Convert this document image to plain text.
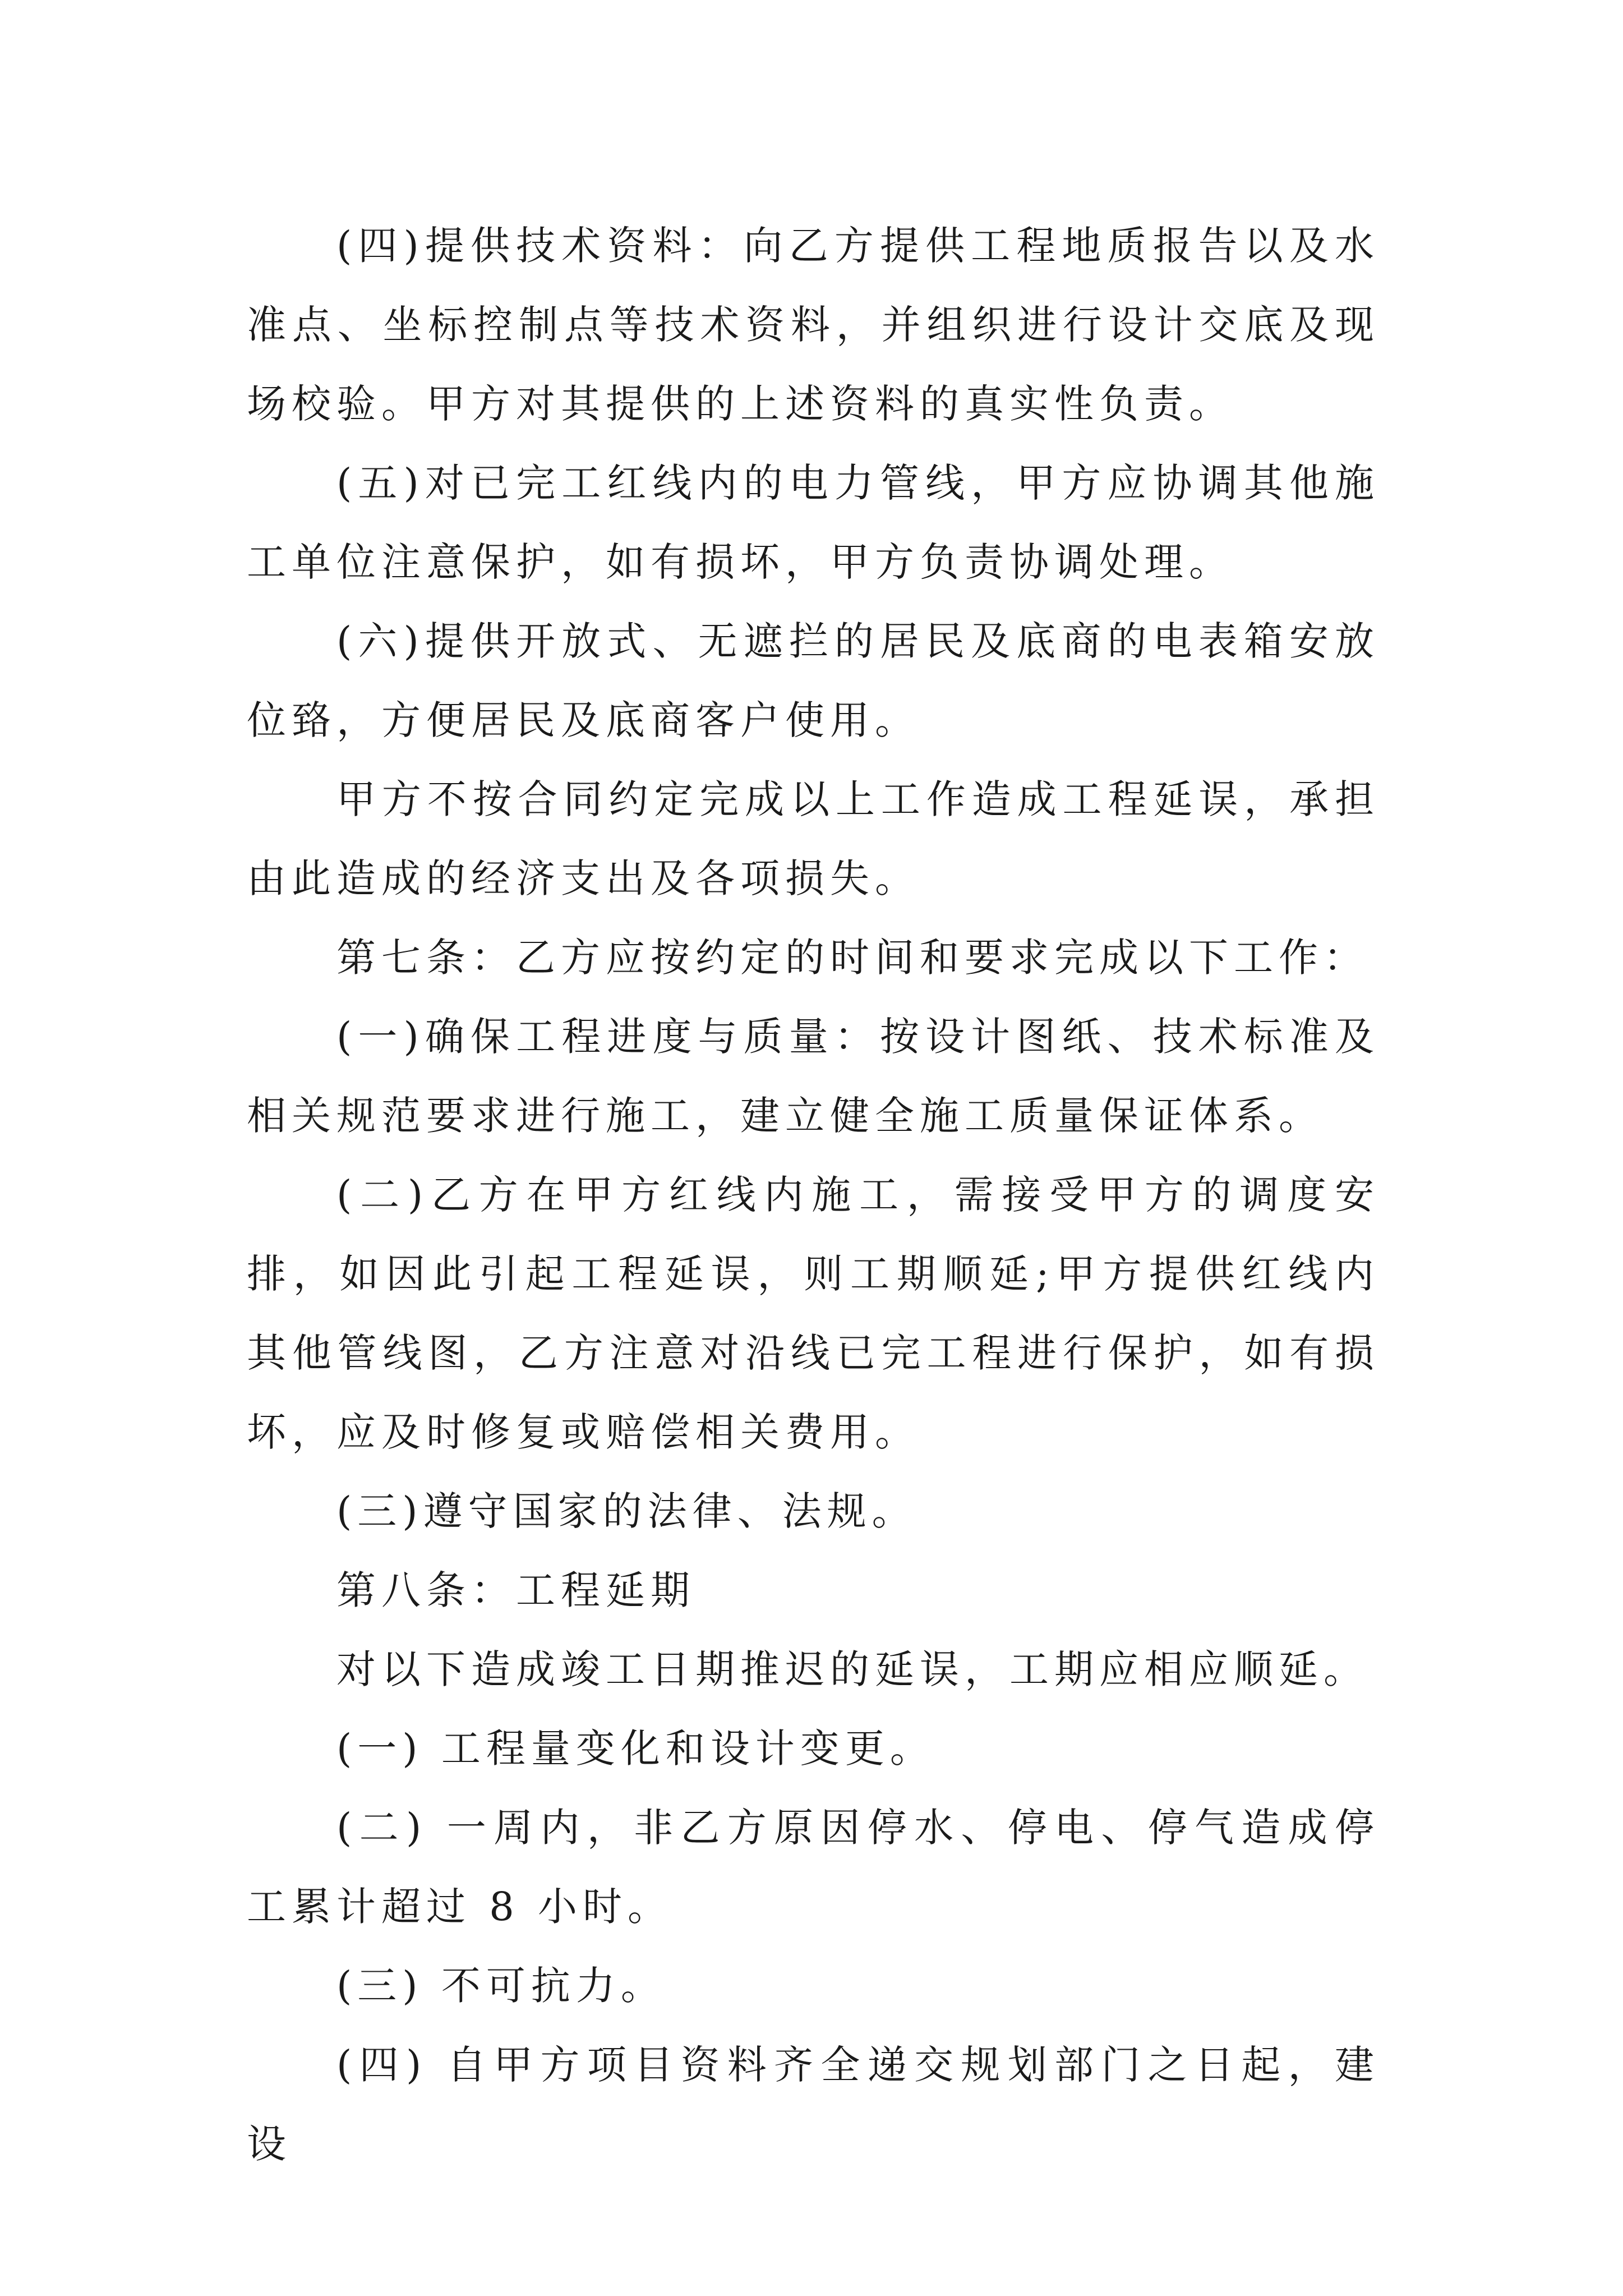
(四)提供技术资料：向乙方提供工程地质报告以及水准点、坐标控制点等技术资料，并组织进行设计交底及现场校验。甲方对其提供的上述资料的真实性负责。

(五)对已完工红线内的电力管线，甲方应协调其他施工单位注意保护，如有损坏，甲方负责协调处理。

(六)提供开放式、无遮拦的居民及底商的电表箱安放位臵，方便居民及底商客户使用。

甲方不按合同约定完成以上工作造成工程延误，承担由此造成的经济支出及各项损失。

第七条：乙方应按约定的时间和要求完成以下工作：

(一)确保工程进度与质量：按设计图纸、技术标准及相关规范要求进行施工，建立健全施工质量保证体系。

(二)乙方在甲方红线内施工，需接受甲方的调度安排，如因此引起工程延误，则工期顺延;甲方提供红线内其他管线图，乙方注意对沿线已完工程进行保护，如有损坏，应及时修复或赔偿相关费用。

(三)遵守国家的法律、法规。

第八条：工程延期

对以下造成竣工日期推迟的延误，工期应相应顺延。

(一) 工程量变化和设计变更。

(二) 一周内，非乙方原因停水、停电、停气造成停工累计超过 8 小时。

(三) 不可抗力。

(四) 自甲方项目资料齐全递交规划部门之日起，建设
